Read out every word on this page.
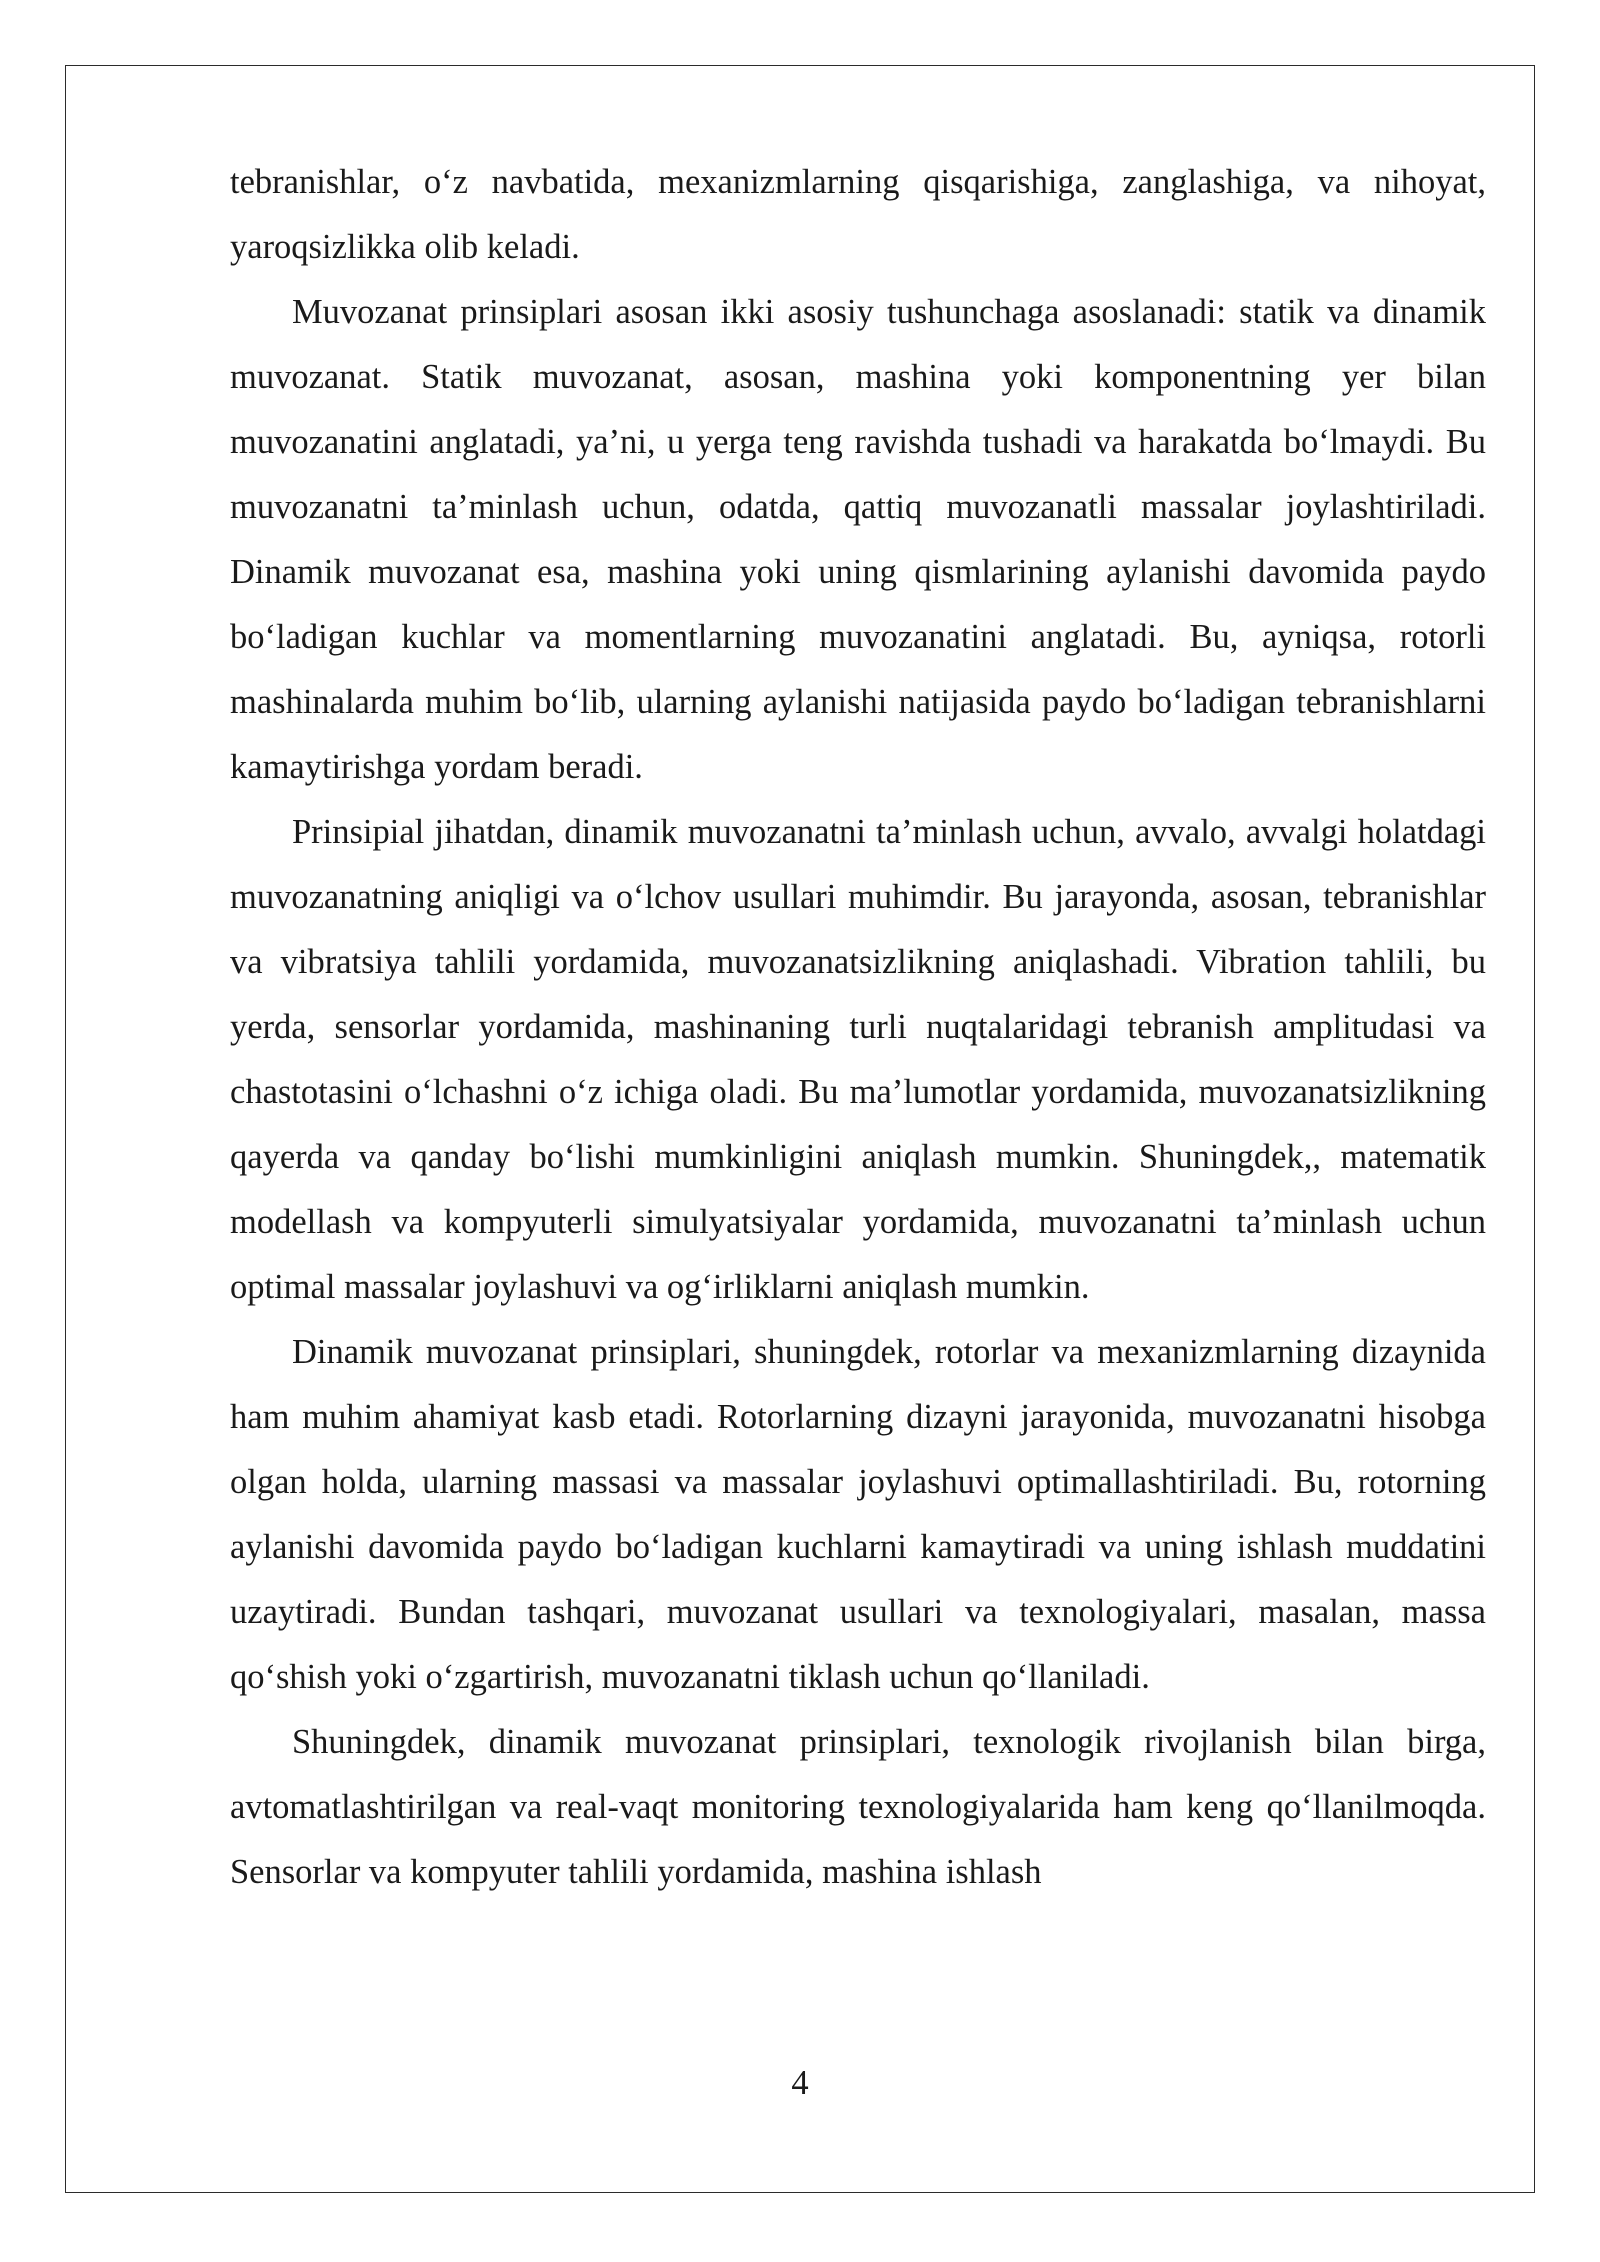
tebranishlar, o‘z navbatida, mexanizmlarning qisqarishiga, zanglashiga, va nihoyat, yaroqsizlikka olib keladi.

Muvozanat prinsiplari asosan ikki asosiy tushunchaga asoslanadi: statik va dinamik muvozanat. Statik muvozanat, asosan, mashina yoki komponentning yer bilan muvozanatini anglatadi, ya’ni, u yerga teng ravishda tushadi va harakatda bo‘lmaydi. Bu muvozanatni ta’minlash uchun, odatda, qattiq muvozanatli massalar joylashtiriladi. Dinamik muvozanat esa, mashina yoki uning qismlarining aylanishi davomida paydo bo‘ladigan kuchlar va momentlarning muvozanatini anglatadi. Bu, ayniqsa, rotorli mashinalarda muhim bo‘lib, ularning aylanishi natijasida paydo bo‘ladigan tebranishlarni kamaytirishga yordam beradi.

Prinsipial jihatdan, dinamik muvozanatni ta’minlash uchun, avvalo, avvalgi holatdagi muvozanatning aniqligi va o‘lchov usullari muhimdir. Bu jarayonda, asosan, tebranishlar va vibratsiya tahlili yordamida, muvozanatsizlikning aniqlashadi. Vibration tahlili, bu yerda, sensorlar yordamida, mashinaning turli nuqtalaridagi tebranish amplitudasi va chastotasini o‘lchashni o‘z ichiga oladi. Bu ma’lumotlar yordamida, muvozanatsizlikning qayerda va qanday bo‘lishi mumkinligini aniqlash mumkin. Shuningdek,, matematik modellash va kompyuterli simulyatsiyalar yordamida, muvozanatni ta’minlash uchun optimal massalar joylashuvi va og‘irliklarni aniqlash mumkin.

Dinamik muvozanat prinsiplari, shuningdek, rotorlar va mexanizmlarning dizaynida ham muhim ahamiyat kasb etadi. Rotorlarning dizayni jarayonida, muvozanatni hisobga olgan holda, ularning massasi va massalar joylashuvi optimallashtiriladi. Bu, rotorning aylanishi davomida paydo bo‘ladigan kuchlarni kamaytiradi va uning ishlash muddatini uzaytiradi. Bundan tashqari, muvozanat usullari va texnologiyalari, masalan, massa qo‘shish yoki o‘zgartirish, muvozanatni tiklash uchun qo‘llaniladi.

Shuningdek, dinamik muvozanat prinsiplari, texnologik rivojlanish bilan birga, avtomatlashtirilgan va real-vaqt monitoring texnologiyalarida ham keng qo‘llanilmoqda. Sensorlar va kompyuter tahlili yordamida, mashina ishlash

4
